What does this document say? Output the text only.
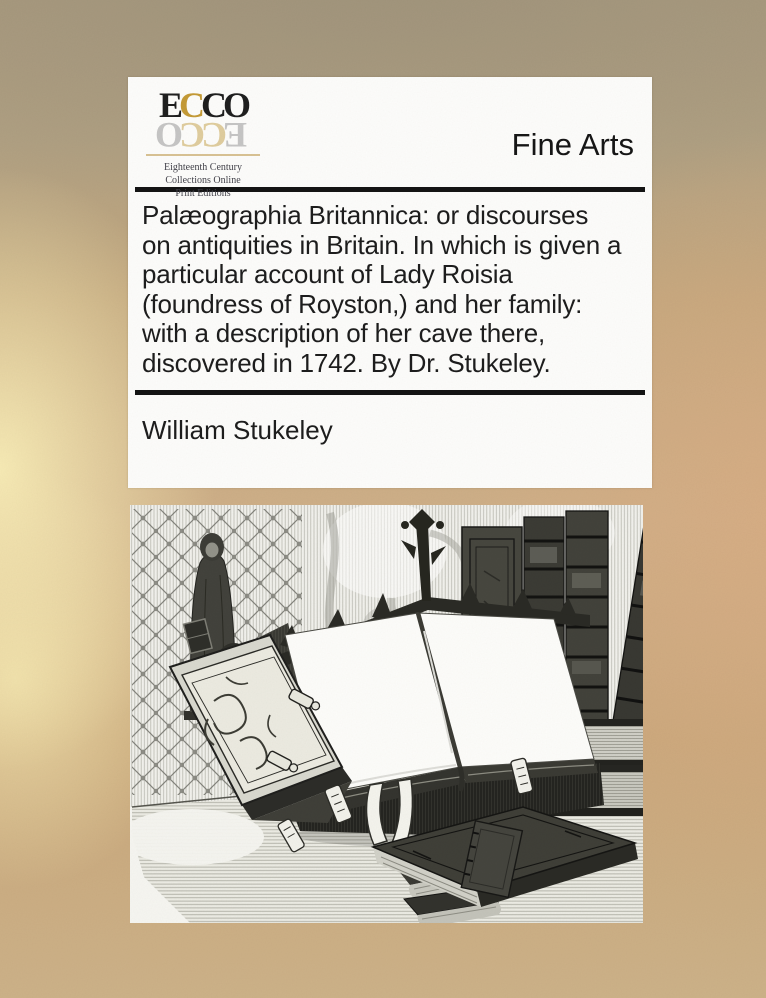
ECCO
ECCO
Eighteenth Century
Collections Online
Print Editions
Fine Arts
Palæographia Britannica: or discourses on antiquities in Britain. In which is given a particular account of Lady Roisia (foundress of Royston,) and her family: with a description of her cave there, discovered in 1742. By Dr. Stukeley.
William Stukeley
